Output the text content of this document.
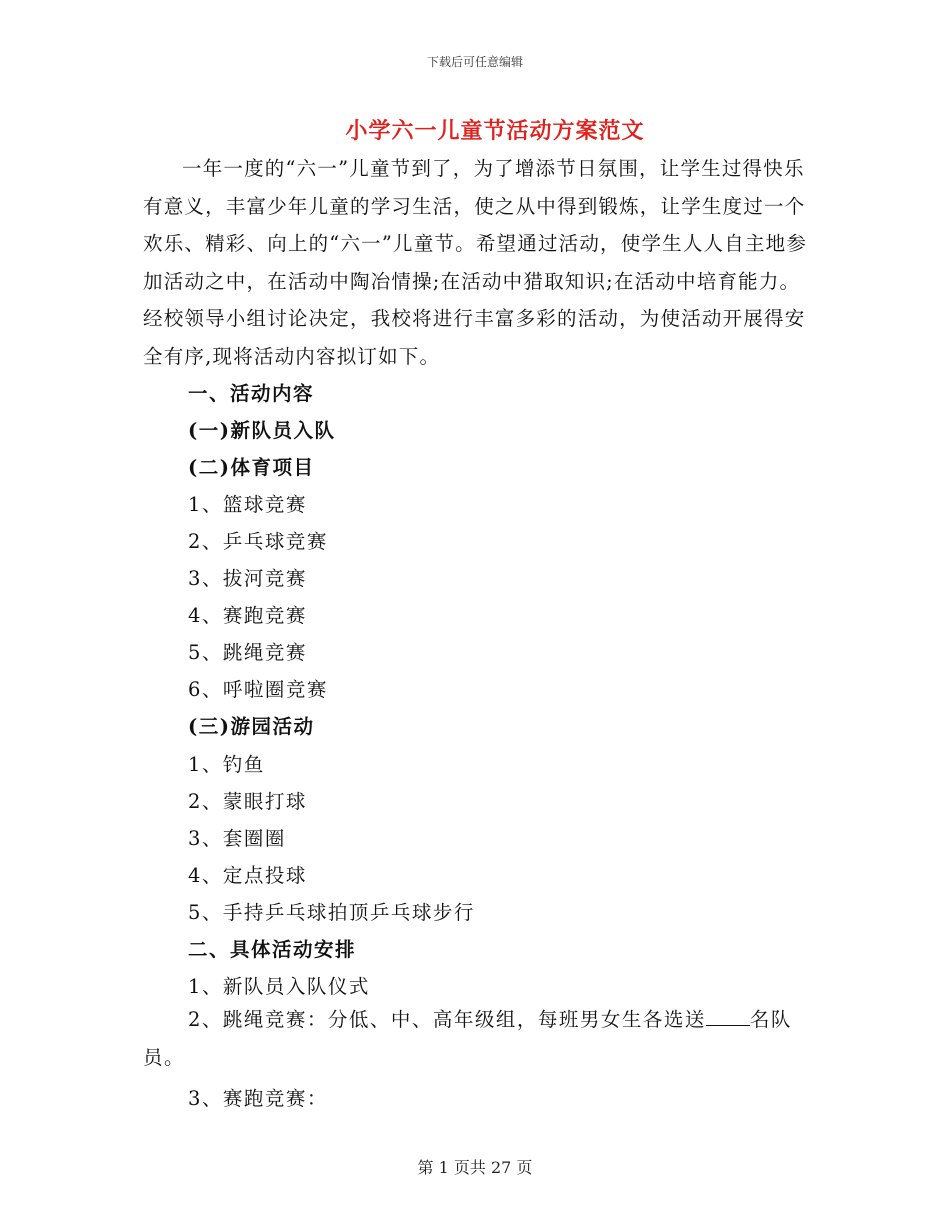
下载后可任意编辑
小学六一儿童节活动方案范文

一年一度的“六一”儿童节到了，为了增添节日氛围，让学生过得快乐有意义，丰富少年儿童的学习生活，使之从中得到锻炼，让学生度过一个欢乐、精彩、向上的“六一”儿童节。希望通过活动，使学生人人自主地参加活动之中，在活动中陶冶情操;在活动中猎取知识;在活动中培育能力。经校领导小组讨论决定，我校将进行丰富多彩的活动，为使活动开展得安全有序,现将活动内容拟订如下。

一、活动内容

(一)新队员入队

(二)体育项目

1、篮球竞赛

2、乒乓球竞赛

3、拔河竞赛

4、赛跑竞赛

5、跳绳竞赛

6、呼啦圈竞赛

(三)游园活动

1、钓鱼

2、蒙眼打球

3、套圈圈

4、定点投球

5、手持乒乓球拍顶乒乓球步行

二、具体活动安排

1、新队员入队仪式

2、跳绳竞赛：分低、中、高年级组，每班男女生各选送 名队员。

3、赛跑竞赛：

第 1 页共 27 页
